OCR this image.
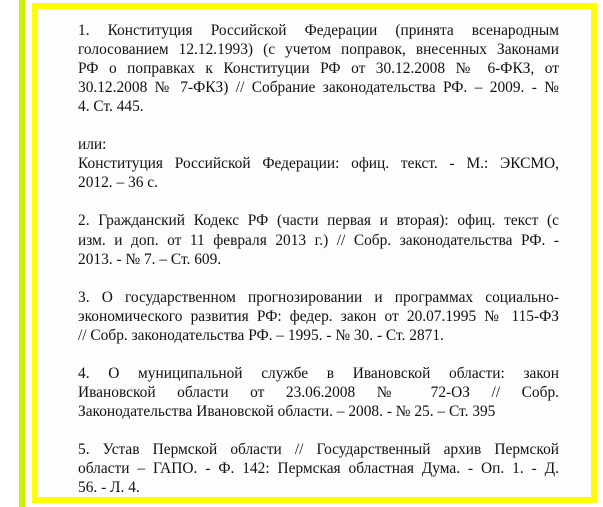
1. Конституция Российской Федерации (принята всенародным
голосованием 12.12.1993) (с учетом поправок, внесенных Законами
РФ о поправках к Конституции РФ от 30.12.2008 № 6-ФКЗ, от
30.12.2008 № 7-ФКЗ) // Собрание законодательства РФ. – 2009. - №
4. Ст. 445.
или:
Конституция Российской Федерации: офиц. текст. - М.: ЭКСМО,
2012. – 36 с.
2. Гражданский Кодекс РФ (части первая и вторая): офиц. текст (с
изм. и доп. от 11 февраля 2013 г.) // Собр. законодательства РФ. -
2013. - № 7. – Ст. 609.
3. О государственном прогнозировании и программах социально-
экономического развития РФ: федер. закон от 20.07.1995 № 115-ФЗ
// Собр. законодательства РФ. – 1995. - № 30. - Ст. 2871.
4. О муниципальной службе в Ивановской области: закон
Ивановской области от 23.06.2008 № 72-ОЗ // Собр.
Законодательства Ивановской области. – 2008. - № 25. – Ст. 395
5. Устав Пермской области // Государственный архив Пермской
области – ГАПО. - Ф. 142: Пермская областная Дума. - Оп. 1. - Д.
56. - Л. 4.
